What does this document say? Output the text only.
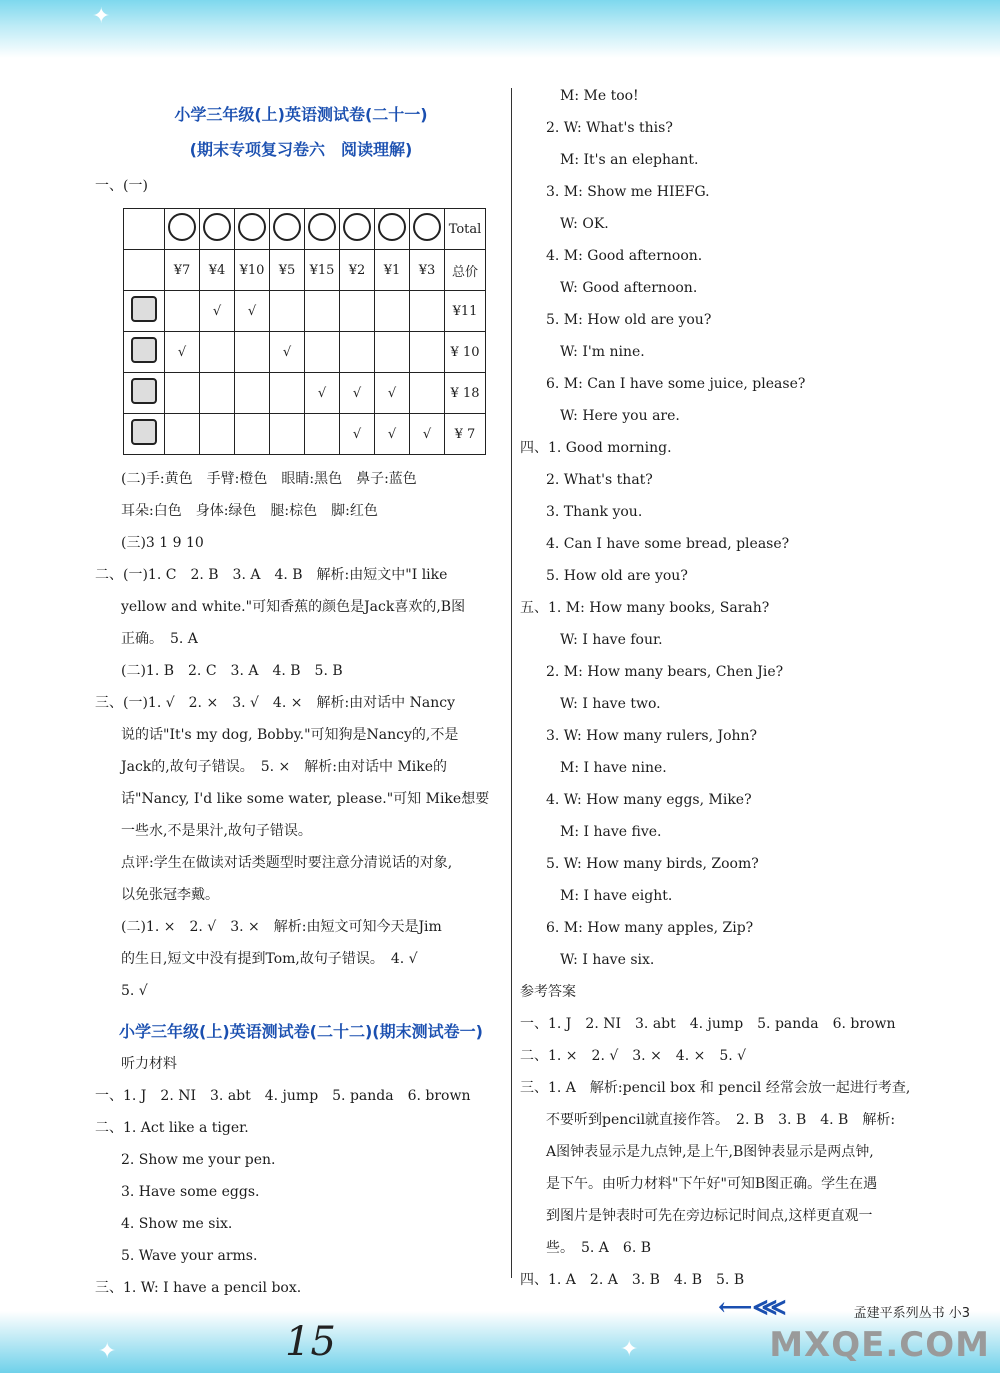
✦
✦	✦
小学三年级(上)英语测试卷(二十一)
(期末专项复习卷六　阅读理解)
一、(一)
									Total
	¥7	¥4	¥10	¥5	¥15	¥2	¥1	¥3	总价
		√	√						¥11
	√			√					¥ 10
					√	√	√		¥ 18
						√	√	√	¥ 7
(二)手:黄色　手臂:橙色　眼睛:黑色　鼻子:蓝色
耳朵:白色　身体:绿色　腿:棕色　脚:红色
(三)3 1 9 10
二、(一)1. C　2. B　3. A　4. B　解析:由短文中"I like
yellow and white."可知香蕉的颜色是Jack喜欢的,B图
正确。　5. A
(二)1. B　2. C　3. A　4. B　5. B
三、(一)1. √　2. ×　3. √　4. ×　解析:由对话中 Nancy
说的话"It's my dog, Bobby."可知狗是Nancy的,不是
Jack的,故句子错误。　5. ×　解析:由对话中 Mike的
话"Nancy, I'd like some water, please."可知 Mike想要
一些水,不是果汁,故句子错误。
点评:学生在做读对话类题型时要注意分清说话的对象,
以免张冠李戴。
(二)1. ×　2. √　3. ×　解析:由短文可知今天是Jim
的生日,短文中没有提到Tom,故句子错误。　4. √
5. √
小学三年级(上)英语测试卷(二十二)(期末测试卷一)
听力材料
一、1. J　2. NI　3. abt　4. jump　5. panda　6. brown
二、1. Act like a tiger.
2. Show me your pen.
3. Have some eggs.
4. Show me six.
5. Wave your arms.
三、1. W: I have a pencil box.
M: Me too!
2. W: What's this?
M: It's an elephant.
3. M: Show me HIEFG.
W: OK.
4. M: Good afternoon.
W: Good afternoon.
5. M: How old are you?
W: I'm nine.
6. M: Can I have some juice, please?
W: Here you are.
四、1. Good morning.
2. What's that?
3. Thank you.
4. Can I have some bread, please?
5. How old are you?
五、1. M: How many books, Sarah?
W: I have four.
2. M: How many bears, Chen Jie?
W: I have two.
3. W: How many rulers, John?
M: I have nine.
4. W: How many eggs, Mike?
M: I have five.
5. W: How many birds, Zoom?
M: I have eight.
6. M: How many apples, Zip?
W: I have six.
参考答案
一、1. J　2. NI　3. abt　4. jump　5. panda　6. brown
二、1. ×　2. √　3. ×　4. ×　5. √
三、1. A　解析:pencil box 和 pencil 经常会放一起进行考查,
不要听到pencil就直接作答。　2. B　3. B　4. B　解析:
A图钟表显示是九点钟,是上午,B图钟表显示是两点钟,
是下午。由听力材料"下午好"可知B图正确。学生在遇
到图片是钟表时可先在旁边标记时间点,这样更直观一
些。　5. A　6. B
四、1. A　2. A　3. B　4. B　5. B
⟵⋘	孟建平系列丛书 小3
15	MXQE.COM
